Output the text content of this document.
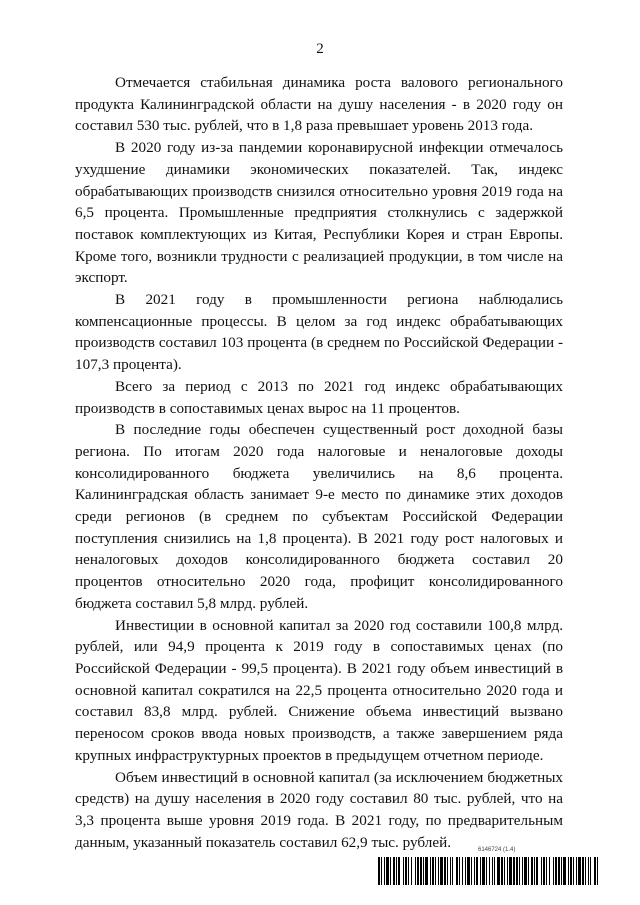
2

Отмечается стабильная динамика роста валового регионального продукта Калининградской области на душу населения - в 2020 году он составил 530 тыс. рублей, что в 1,8 раза превышает уровень 2013 года.

В 2020 году из-за пандемии коронавирусной инфекции отмечалось ухудшение динамики экономических показателей. Так, индекс обрабатывающих производств снизился относительно уровня 2019 года на 6,5 процента. Промышленные предприятия столкнулись с задержкой поставок комплектующих из Китая, Республики Корея и стран Европы. Кроме того, возникли трудности с реализацией продукции, в том числе на экспорт.

В 2021 году в промышленности региона наблюдались компенсационные процессы. В целом за год индекс обрабатывающих производств составил 103 процента (в среднем по Российской Федерации - 107,3 процента).

Всего за период с 2013 по 2021 год индекс обрабатывающих производств в сопоставимых ценах вырос на 11 процентов.

В последние годы обеспечен существенный рост доходной базы региона. По итогам 2020 года налоговые и неналоговые доходы консолидированного бюджета увеличились на 8,6 процента. Калининградская область занимает 9-е место по динамике этих доходов среди регионов (в среднем по субъектам Российской Федерации поступления снизились на 1,8 процента). В 2021 году рост налоговых и неналоговых доходов консолидированного бюджета составил 20 процентов относительно 2020 года, профицит консолидированного бюджета составил 5,8 млрд. рублей.

Инвестиции в основной капитал за 2020 год составили 100,8 млрд. рублей, или 94,9 процента к 2019 году в сопоставимых ценах (по Российской Федерации - 99,5 процента). В 2021 году объем инвестиций в основной капитал сократился на 22,5 процента относительно 2020 года и составил 83,8 млрд. рублей. Снижение объема инвестиций вызвано переносом сроков ввода новых производств, а также завершением ряда крупных инфраструктурных проектов в предыдущем отчетном периоде.

Объем инвестиций в основной капитал (за исключением бюджетных средств) на душу населения в 2020 году составил 80 тыс. рублей, что на 3,3 процента выше уровня 2019 года. В 2021 году, по предварительным данным, указанный показатель составил 62,9 тыс. рублей.	6146724 (1.4)
